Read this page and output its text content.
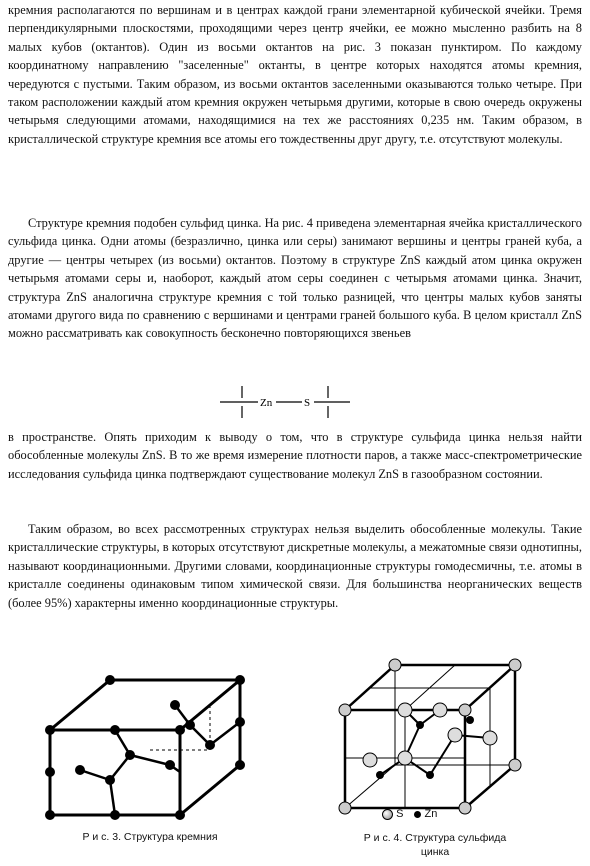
кремния располагаются по вершинам и в центрах каждой грани элементарной кубической ячейки. Тремя перпендикулярными плоскостями, проходящими через центр ячейки, ее можно мысленно разбить на 8 малых кубов (октантов). Один из восьми октантов на рис. 3 показан пунктиром. По каждому координатному направлению "заселенные" октанты, в центре которых находятся атомы кремния, чередуются с пустыми. Таким образом, из восьми октантов заселенными оказываются только четыре. При таком расположении каждый атом кремния окружен четырьмя другими, которые в свою очередь окружены четырьмя следующими атомами, находящимися на тех же расстояниях 0,235 нм. Таким образом, в кристаллической структуре кремния все атомы его тождественны друг другу, т.е. отсутствуют молекулы.

Структуре кремния подобен сульфид цинка. На рис. 4 приведена элементарная ячейка кристаллического сульфида цинка. Одни атомы (безразлично, цинка или серы) занимают вершины и центры граней куба, а другие — центры четырех (из восьми) октантов. Поэтому в структуре ZnS каждый атом цинка окружен четырьмя атомами серы и, наоборот, каждый атом серы соединен с четырьмя атомами цинка. Значит, структура ZnS аналогична структуре кремния с той только разницей, что центры малых кубов заняты атомами другого вида по сравнению с вершинами и центрами граней большого куба. В целом кристалл ZnS можно рассматривать как совокупность бесконечно повторяющихся звеньев

Zn	S

в пространстве. Опять приходим к выводу о том, что в структуре сульфида цинка нельзя найти обособленные молекулы ZnS. В то же время измерение плотности паров, а также масс-спектрометрические исследования сульфида цинка подтверждают существование молекул ZnS в газообразном состоянии.

Таким образом, во всех рассмотренных структурах нельзя выделить обособленные молекулы. Такие кристаллические структуры, в которых отсутствуют дискретные молекулы, а межатомные связи однотипны, называют координационными. Другими словами, координационные структуры гомодесмичны, т.е. атомы в кристалле соединены одинаковым типом химической связи. Для большинства неорганических веществ (более 95%) характерны именно координационные структуры.

S Zn
Р и с. 3. Структура кремния	Р и с. 4. Структура сульфида цинка
